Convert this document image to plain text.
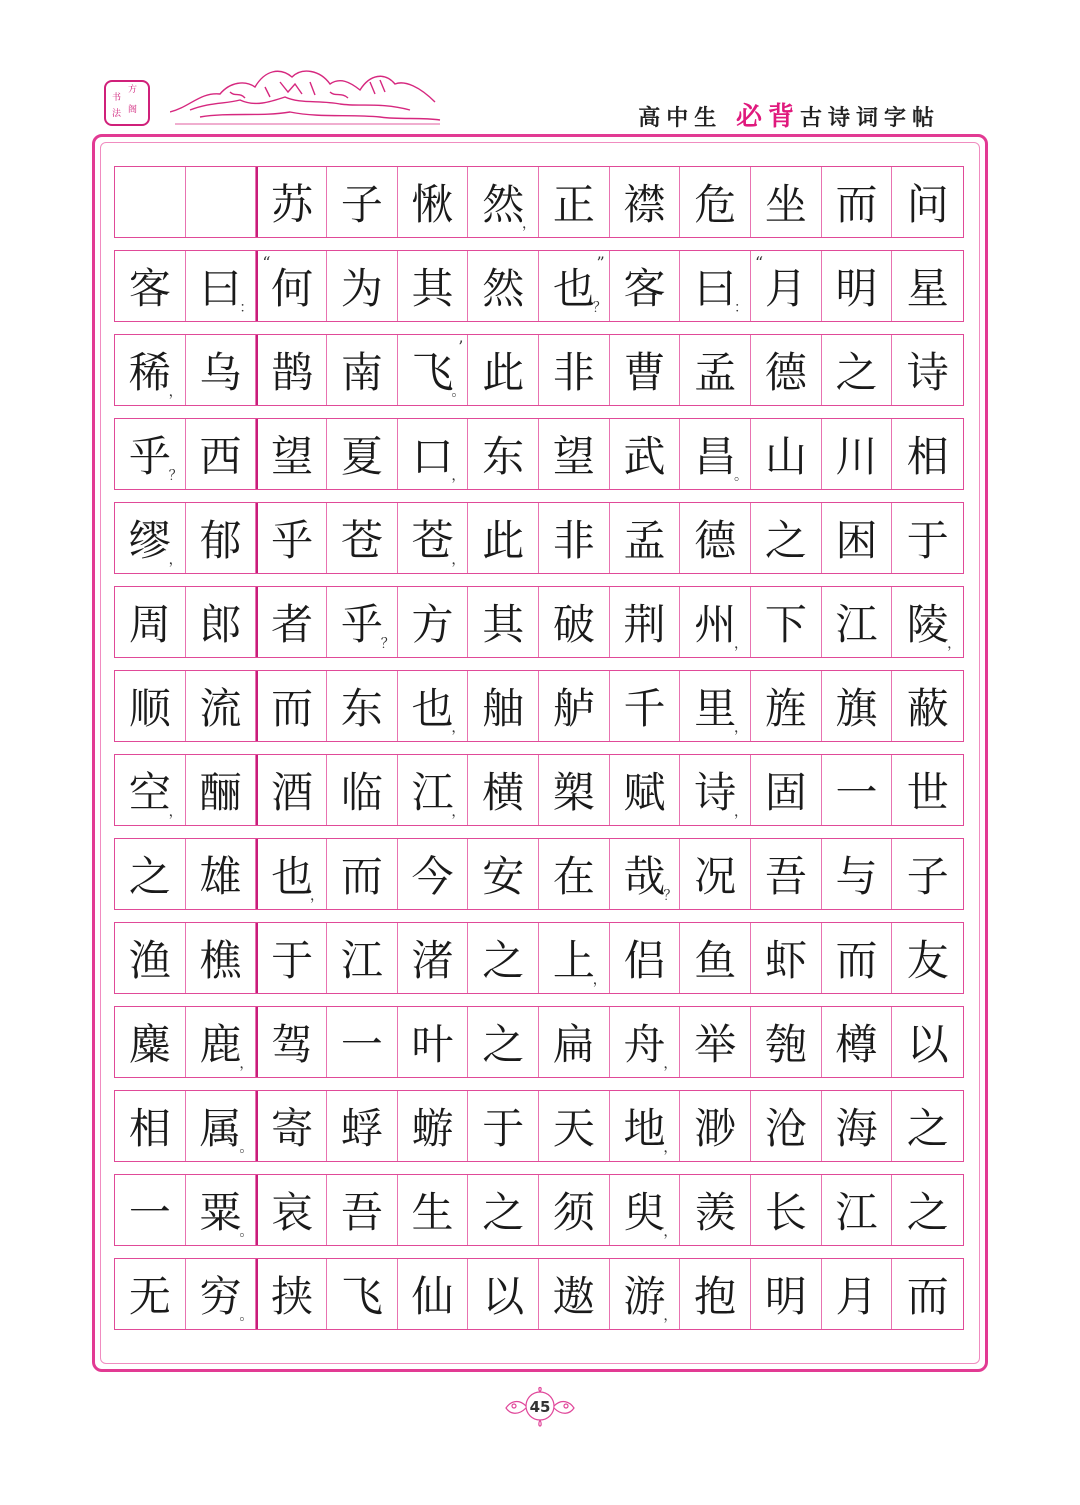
方
书
法 阁	高中生 必背古诗词字帖
苏 子 愀 然
， 正 襟 危 坐 而 问
客 曰
： 何
“
为 其 然 也
”
？ 客 曰
： 月
“
明 星
稀
， 乌 鹊 南 飞
’
。 此 非 曹 孟 德 之 诗
乎
？ 西 望 夏 口
， 东 望 武 昌
。 山 川 相
缪
， 郁 乎 苍 苍
， 此 非 孟 德 之 困 于
周 郎 者 乎
？ 方 其 破 荆 州
， 下 江 陵
，
顺 流 而 东 也
， 舳 舻 千 里
， 旌 旗 蔽
空
， 酾 酒 临 江
， 横 槊 赋 诗
， 固 一 世
之 雄 也
， 而 今 安 在 哉
？ 况 吾 与 子
渔 樵 于 江 渚 之 上
， 侣 鱼 虾 而 友
麋 鹿
， 驾 一 叶 之 扁 舟
， 举 匏 樽 以
相 属
。 寄 蜉 蝣 于 天 地
， 渺 沧 海 之
一 粟
。 哀 吾 生 之 须 臾
， 羡 长 江 之
无 穷
。 挟 飞 仙 以 遨 游
， 抱 明 月 而
45
